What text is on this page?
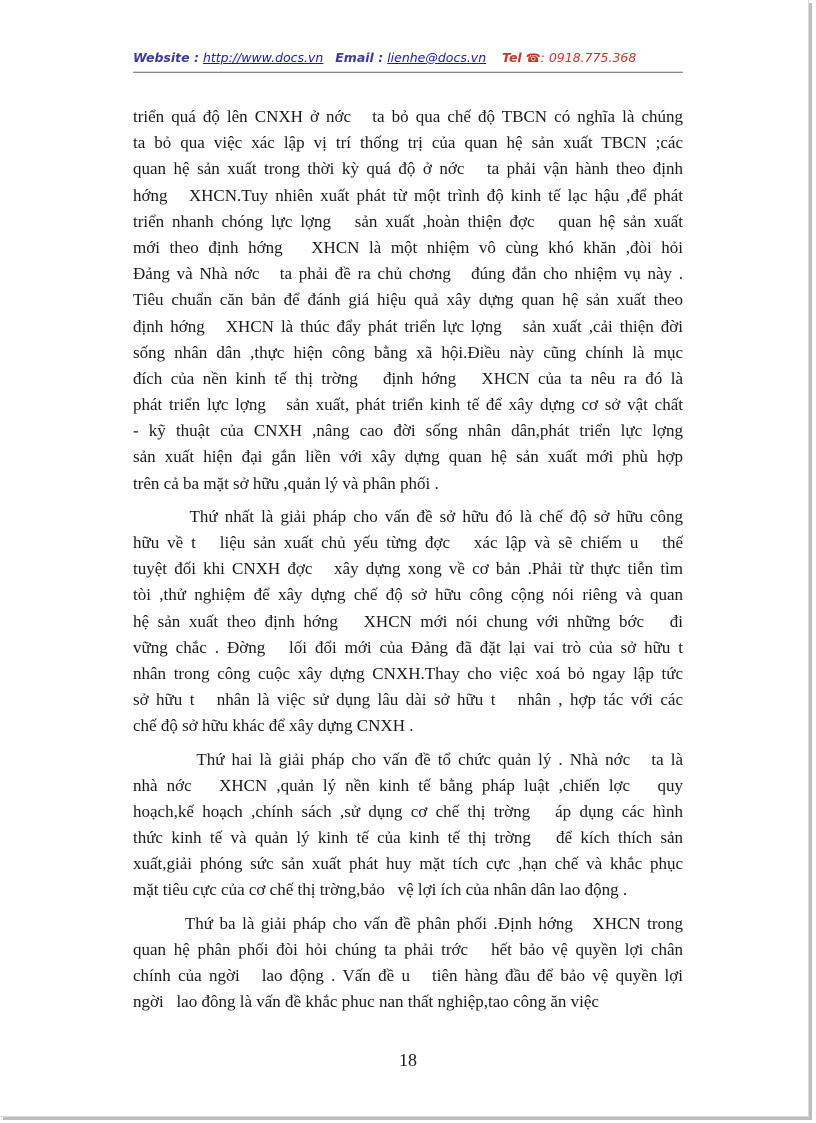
Website : http://www.docs.vn Email : lienhe@docs.vn Tel ☎: 0918.775.368
triển quá độ lên CNXH ở nớc   ta bỏ qua chế độ TBCN có nghĩa là chúng
ta bỏ qua việc xác lập vị trí thống trị của quan hệ sản xuất TBCN ;các
quan hệ sản xuất trong thời kỳ quá độ ở nớc   ta phải vận hành theo định
hớng   XHCN.Tuy nhiên xuất phát từ một trình độ kinh tế lạc hậu ,để phát
triển nhanh chóng lực lợng   sản xuất ,hoàn thiện đợc   quan hệ sản xuất
mới theo định hớng   XHCN là một nhiệm vô cùng khó khăn ,đòi hỏi
Đảng và Nhà nớc   ta phải đề ra chủ chơng   đúng đắn cho nhiệm vụ này .
Tiêu chuẩn căn bản để đánh giá hiệu quả xây dựng quan hệ sản xuất theo
định hớng   XHCN là thúc đẩy phát triển lực lợng   sản xuất ,cải thiện đời
sống nhân dân ,thực hiện công bằng xã hội.Điều này cũng chính là mục
đích của nền kinh tế thị trờng   định hớng   XHCN của ta nêu ra đó là
phát triển lực lợng   sản xuất, phát triển kinh tế để xây dựng cơ sở vật chất
- kỹ thuật của CNXH ,nâng cao đời sống nhân dân,phát triển lực lợng
sản xuất hiện đại gắn liền với xây dựng quan hệ sản xuất mới phù hợp
trên cả ba mặt sở hữu ,quản lý và phân phối .
Thứ nhất là giải pháp cho vấn đề sở hữu đó là chế độ sở hữu công
hữu về t   liệu sản xuất chủ yếu từng đợc   xác lập và sẽ chiếm u   thế
tuyệt đối khi CNXH đợc   xây dựng xong về cơ bản .Phải từ thực tiễn tìm
tòi ,thử nghiệm để xây dựng chế độ sở hữu công cộng nói riêng và quan
hệ sản xuất theo định hớng   XHCN mới nói chung với những bớc   đi
vững chắc . Đờng   lối đổi mới của Đảng đã đặt lại vai trò của sở hữu t
nhân trong công cuộc xây dựng CNXH.Thay cho việc xoá bỏ ngay lập tức
sở hữu t   nhân là việc sử dụng lâu dài sở hữu t   nhân , hợp tác với các
chế độ sở hữu khác để xây dựng CNXH .
Thứ hai là giải pháp cho vấn đề tổ chức quản lý . Nhà nớc   ta là
nhà nớc   XHCN ,quản lý nền kinh tế bằng pháp luật ,chiến lợc   quy
hoạch,kế hoạch ,chính sách ,sử dụng cơ chế thị trờng   áp dụng các hình
thức kinh tế và quản lý kinh tế của kinh tế thị trờng   để kích thích sản
xuất,giải phóng sức sản xuất phát huy mặt tích cực ,hạn chế và khắc phục
mặt tiêu cực của cơ chế thị trờng,bảo   vệ lợi ích của nhân dân lao động .
Thứ ba là giải pháp cho vấn đề phân phối .Định hớng   XHCN trong
quan hệ phân phối đòi hỏi chúng ta phải trớc   hết bảo vệ quyền lợi chân
chính của ngời   lao động . Vấn đề u   tiên hàng đầu để bảo vệ quyền lợi
ngời   lao đông là vấn đề khắc phuc nan thất nghiệp,tao công ăn việc
18
